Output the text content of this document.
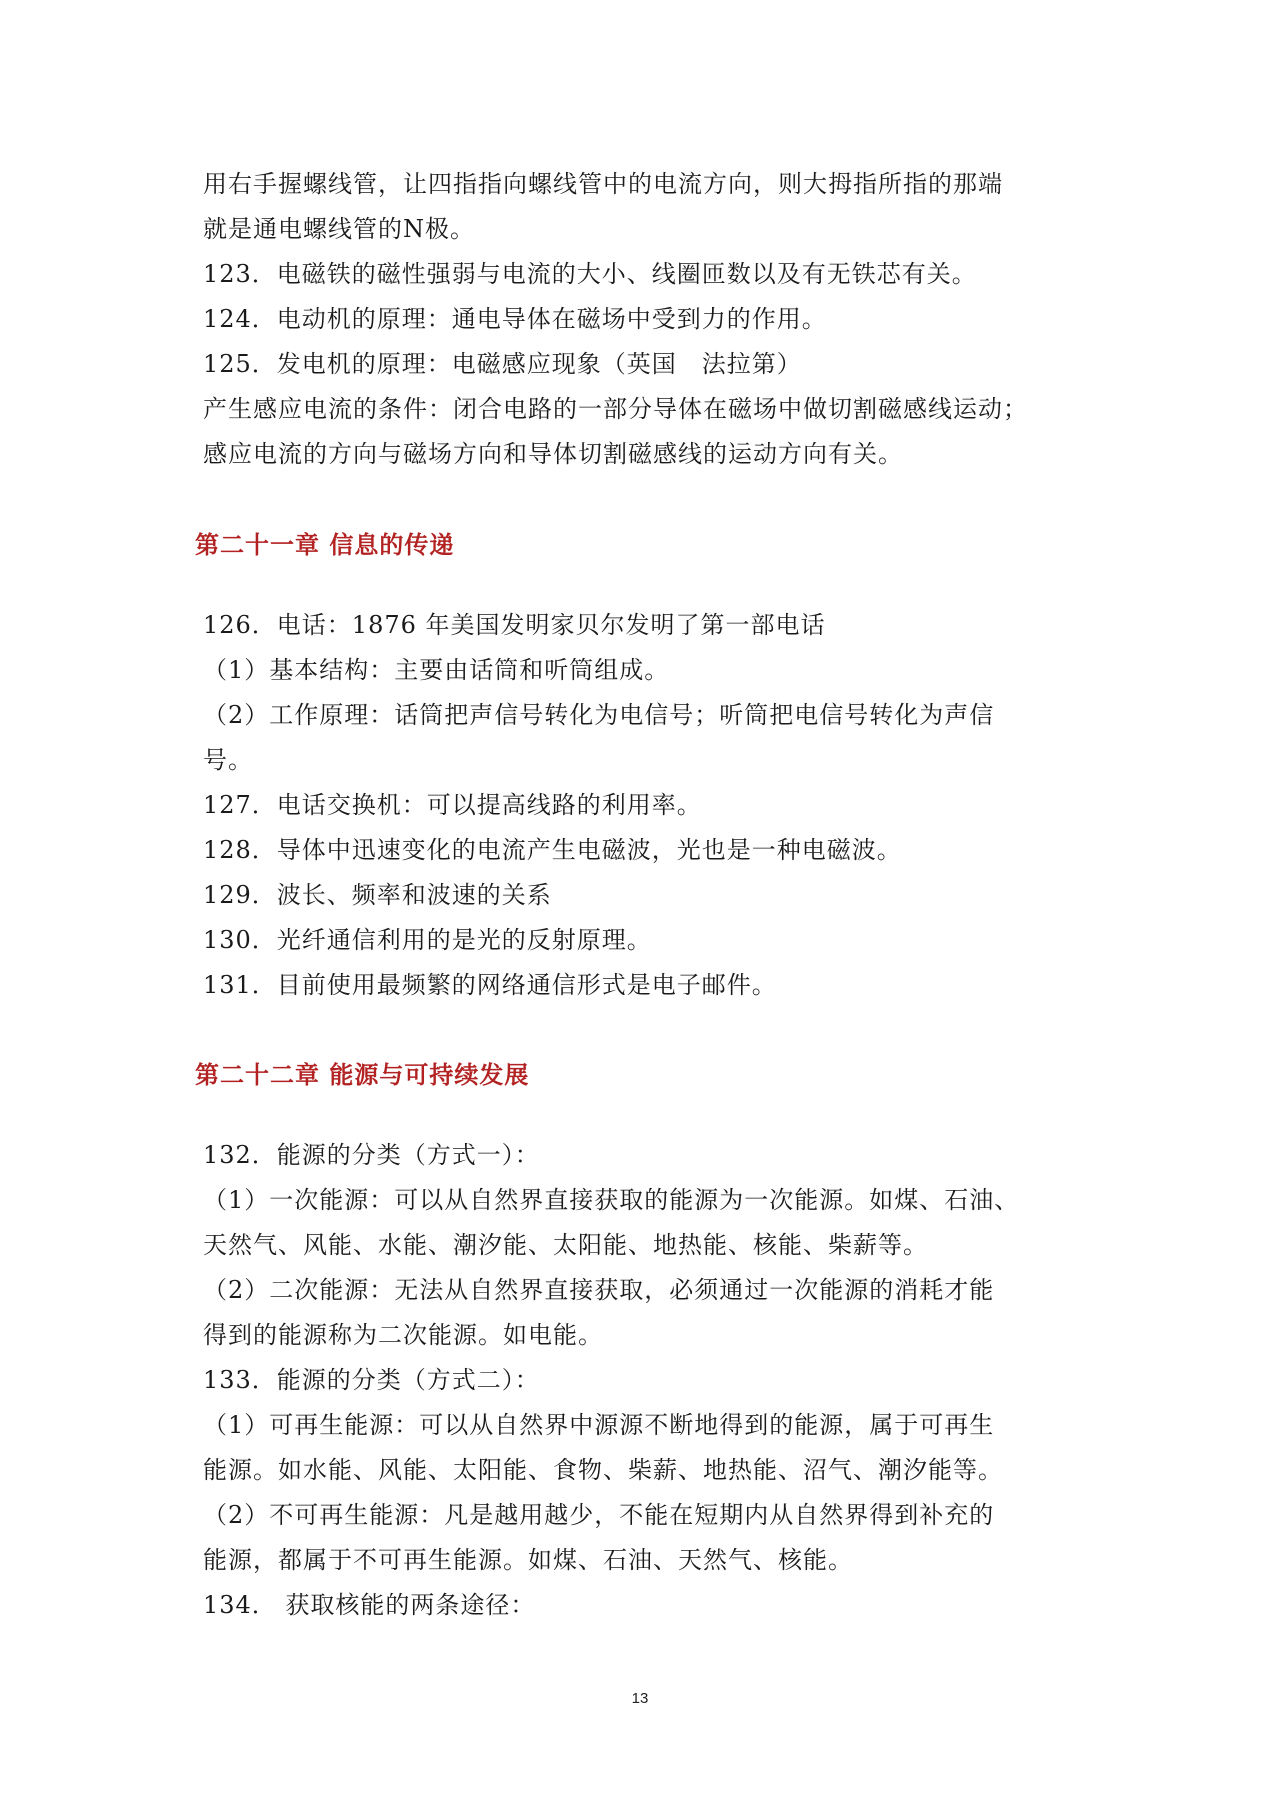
用右手握螺线管，让四指指向螺线管中的电流方向，则大拇指所指的那端
就是通电螺线管的N极。
123．电磁铁的磁性强弱与电流的大小、线圈匝数以及有无铁芯有关。
124．电动机的原理：通电导体在磁场中受到力的作用。
125．发电机的原理：电磁感应现象（英国　法拉第）
产生感应电流的条件：闭合电路的一部分导体在磁场中做切割磁感线运动；
感应电流的方向与磁场方向和导体切割磁感线的运动方向有关。
第二十一章 信息的传递
126．电话：1876 年美国发明家贝尔发明了第一部电话
（1）基本结构：主要由话筒和听筒组成。
（2）工作原理：话筒把声信号转化为电信号；听筒把电信号转化为声信
号。
127．电话交换机：可以提高线路的利用率。
128．导体中迅速变化的电流产生电磁波，光也是一种电磁波。
129．波长、频率和波速的关系
130．光纤通信利用的是光的反射原理。
131．目前使用最频繁的网络通信形式是电子邮件。
第二十二章 能源与可持续发展
132．能源的分类（方式一）：
（1）一次能源：可以从自然界直接获取的能源为一次能源。如煤、石油、
天然气、风能、水能、潮汐能、太阳能、地热能、核能、柴薪等。
（2）二次能源：无法从自然界直接获取，必须通过一次能源的消耗才能
得到的能源称为二次能源。如电能。
133．能源的分类（方式二）：
（1）可再生能源：可以从自然界中源源不断地得到的能源，属于可再生
能源。如水能、风能、太阳能、食物、柴薪、地热能、沼气、潮汐能等。
（2）不可再生能源：凡是越用越少，不能在短期内从自然界得到补充的
能源，都属于不可再生能源。如煤、石油、天然气、核能。
134． 获取核能的两条途径：
13
